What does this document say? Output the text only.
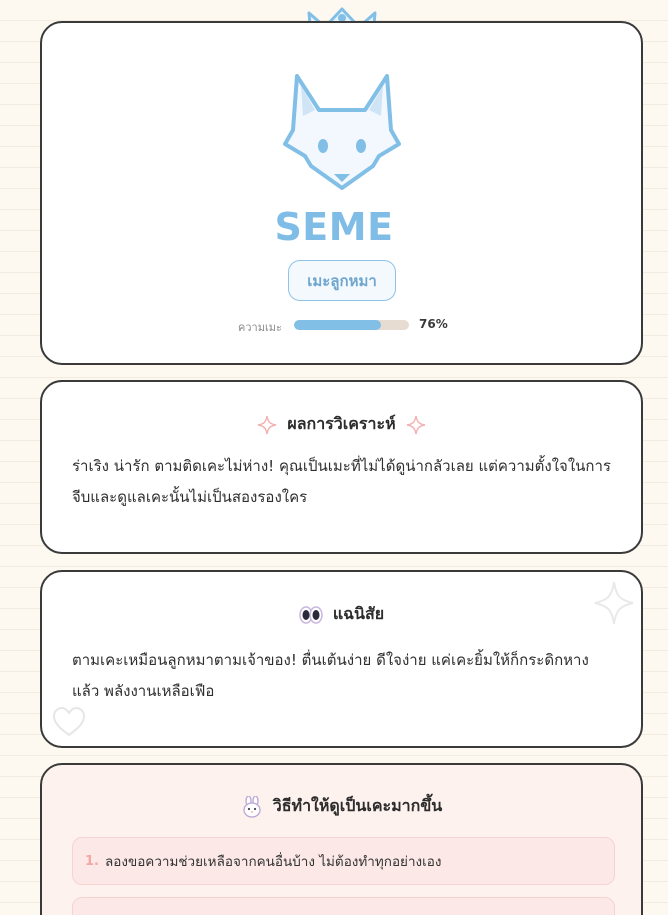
SEME
เมะลูกหมา
ความเมะ	76%
ผลการวิเคราะห์
ร่าเริง น่ารัก ตามติดเคะไม่ห่าง! คุณเป็นเมะที่ไม่ได้ดูน่ากลัวเลย แต่ความตั้งใจในการจีบและดูแลเคะนั้นไม่เป็นสองรองใคร
แฉนิสัย
ตามเคะเหมือนลูกหมาตามเจ้าของ! ตื่นเต้นง่าย ดีใจง่าย แค่เคะยิ้มให้ก็กระดิกหางแล้ว พลังงานเหลือเฟือ
วิธีทำให้ดูเป็นเคะมากขึ้น
1. ลองขอความช่วยเหลือจากคนอื่นบ้าง ไม่ต้องทำทุกอย่างเอง
